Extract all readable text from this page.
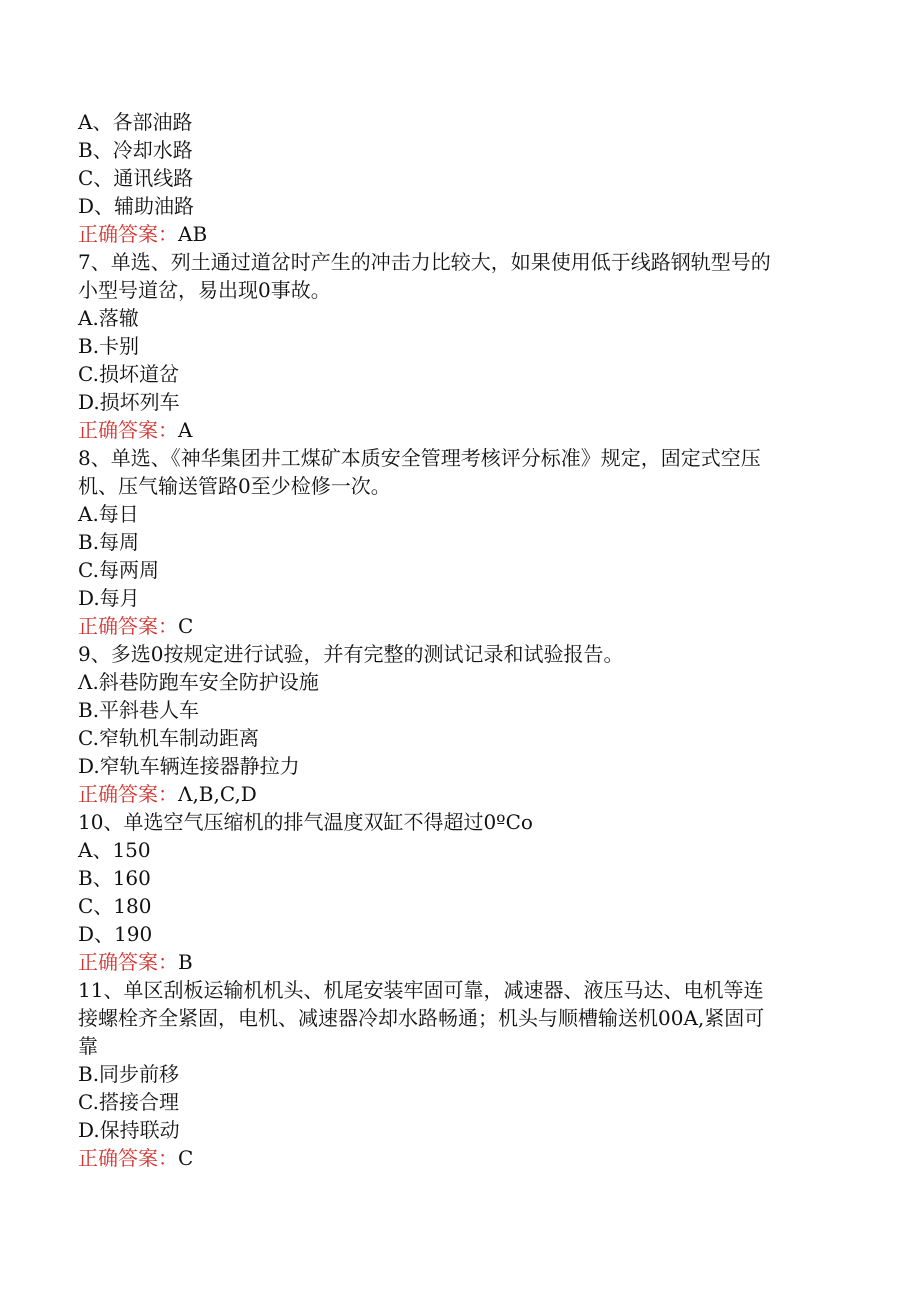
A、各部油路

B、冷却水路

C、通讯线路

D、辅助油路

正确答案：AB

7、单选、列土通过道岔时产生的冲击力比较大，如果使用低于线路钢轨型号的

小型号道岔，易出现0事故。

A.落辙

B.卡别

C.损坏道岔

D.损坏列车

正确答案：A

8、单选、《神华集团井工煤矿本质安全管理考核评分标准》规定，固定式空压

机、压气输送管路0至少检修一次。

A.每日

B.每周

C.每两周

D.每月

正确答案：C

9、多选0按规定进行试验，并有完整的测试记录和试验报告。

Λ.斜巷防跑车安全防护设施

B.平斜巷人车

C.窄轨机车制动距离

D.窄轨车辆连接器静拉力

正确答案：Λ,B,C,D

10、单选空气压缩机的排气温度双缸不得超过0ºCo

A、150

B、160

C、180

D、190

正确答案：B

11、单区刮板运输机机头、机尾安装牢固可靠，减速器、液压马达、电机等连

接螺栓齐全紧固，电机、减速器冷却水路畅通；机头与顺槽输送机00A,紧固可

靠

B.同步前移

C.搭接合理

D.保持联动

正确答案：C
